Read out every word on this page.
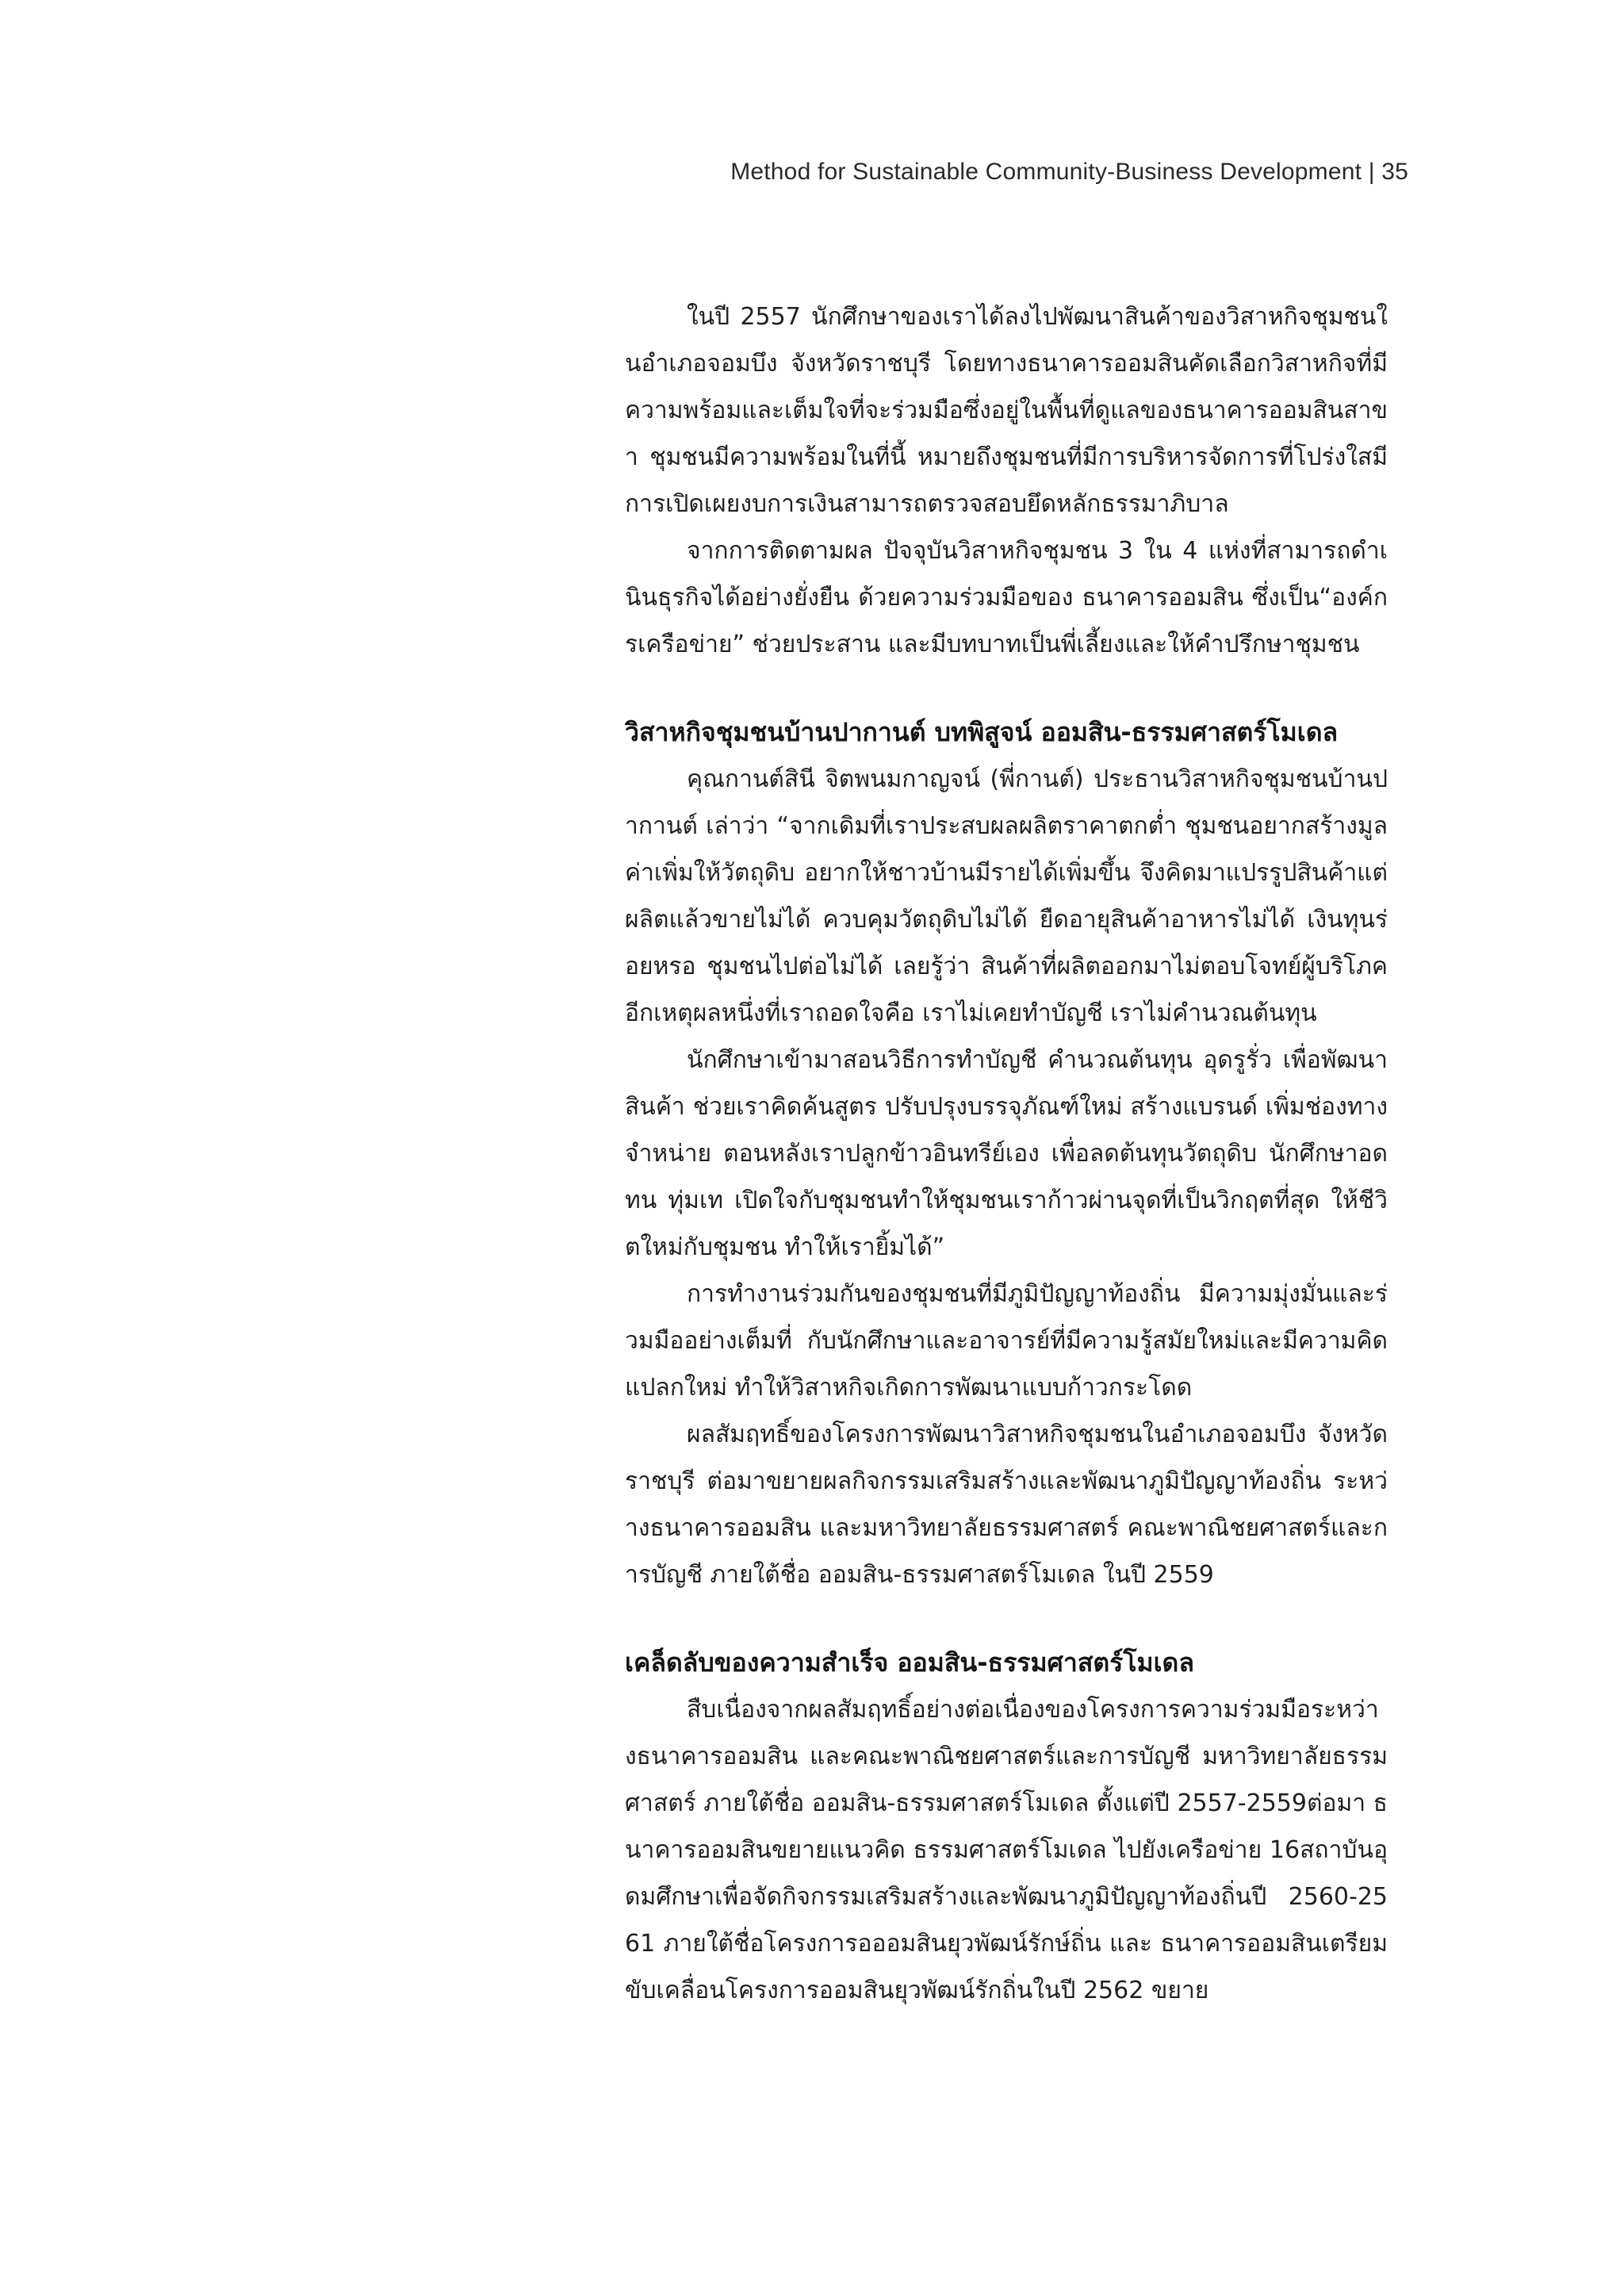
Method for Sustainable Community-Business Development | 35

ในปี 2557 นักศึกษาของเราได้ลงไปพัฒนาสินค้าของวิสาหกิจชุมชนในอำเภอจอมบึง จังหวัดราชบุรี โดยทางธนาคารออมสินคัดเลือกวิสาหกิจที่มีความพร้อมและเต็มใจที่จะร่วมมือซึ่งอยู่ในพื้นที่ดูแลของธนาคารออมสินสาขา ชุมชนมีความพร้อมในที่นี้ หมายถึงชุมชนที่มีการบริหารจัดการที่โปร่งใสมีการเปิดเผยงบการเงินสามารถตรวจสอบยึดหลักธรรมาภิบาล

จากการติดตามผล ปัจจุบันวิสาหกิจชุมชน 3 ใน 4 แห่งที่สามารถดำเนินธุรกิจได้อย่างยั่งยืน ด้วยความร่วมมือของ ธนาคารออมสิน ซึ่งเป็น“องค์กรเครือข่าย” ช่วยประสาน และมีบทบาทเป็นพี่เลี้ยงและให้คำปรึกษาชุมชน

วิสาหกิจชุมชนบ้านปากานต์ บทพิสูจน์ ออมสิน-ธรรมศาสตร์โมเดล

คุณกานต์สินี จิตพนมกาญจน์ (พี่กานต์) ประธานวิสาหกิจชุมชนบ้านปากานต์ เล่าว่า “จากเดิมที่เราประสบผลผลิตราคาตกต่ำ ชุมชนอยากสร้างมูลค่าเพิ่มให้วัตถุดิบ อยากให้ชาวบ้านมีรายได้เพิ่มขึ้น จึงคิดมาแปรรูปสินค้าแต่ผลิตแล้วขายไม่ได้ ควบคุมวัตถุดิบไม่ได้ ยืดอายุสินค้าอาหารไม่ได้ เงินทุนร่อยหรอ ชุมชนไปต่อไม่ได้ เลยรู้ว่า สินค้าที่ผลิตออกมาไม่ตอบโจทย์ผู้บริโภคอีกเหตุผลหนึ่งที่เราถอดใจคือ เราไม่เคยทำบัญชี เราไม่คำนวณต้นทุน

นักศึกษาเข้ามาสอนวิธีการทำบัญชี คำนวณต้นทุน อุดรูรั่ว เพื่อพัฒนาสินค้า ช่วยเราคิดค้นสูตร ปรับปรุงบรรจุภัณฑ์ใหม่ สร้างแบรนด์ เพิ่มช่องทางจำหน่าย ตอนหลังเราปลูกข้าวอินทรีย์เอง เพื่อลดต้นทุนวัตถุดิบ นักศึกษาอดทน ทุ่มเท เปิดใจกับชุมชนทำให้ชุมชนเราก้าวผ่านจุดที่เป็นวิกฤตที่สุด ให้ชีวิตใหม่กับชุมชน ทำให้เรายิ้มได้”

การทำงานร่วมกันของชุมชนที่มีภูมิปัญญาท้องถิ่น มีความมุ่งมั่นและร่วมมืออย่างเต็มที่ กับนักศึกษาและอาจารย์ที่มีความรู้สมัยใหม่และมีความคิดแปลกใหม่ ทำให้วิสาหกิจเกิดการพัฒนาแบบก้าวกระโดด

ผลสัมฤทธิ์ของโครงการพัฒนาวิสาหกิจชุมชนในอำเภอจอมบึง จังหวัดราชบุรี ต่อมาขยายผลกิจกรรมเสริมสร้างและพัฒนาภูมิปัญญาท้องถิ่น ระหว่างธนาคารออมสิน และมหาวิทยาลัยธรรมศาสตร์ คณะพาณิชยศาสตร์และการบัญชี ภายใต้ชื่อ ออมสิน-ธรรมศาสตร์โมเดล ในปี 2559

เคล็ดลับของความสำเร็จ ออมสิน-ธรรมศาสตร์โมเดล

สืบเนื่องจากผลสัมฤทธิ์อย่างต่อเนื่องของโครงการความร่วมมือระหว่างธนาคารออมสิน และคณะพาณิชยศาสตร์และการบัญชี มหาวิทยาลัยธรรมศาสตร์ ภายใต้ชื่อ ออมสิน-ธรรมศาสตร์โมเดล ตั้งแต่ปี 2557-2559ต่อมา ธนาคารออมสินขยายแนวคิด ธรรมศาสตร์โมเดล ไปยังเครือข่าย 16สถาบันอุดมศึกษาเพื่อจัดกิจกรรมเสริมสร้างและพัฒนาภูมิปัญญาท้องถิ่นปี 2560-2561 ภายใต้ชื่อโครงการอออมสินยุวพัฒน์รักษ์ถิ่น และ ธนาคารออมสินเตรียมขับเคลื่อนโครงการออมสินยุวพัฒน์รักถิ่นในปี 2562 ขยาย
